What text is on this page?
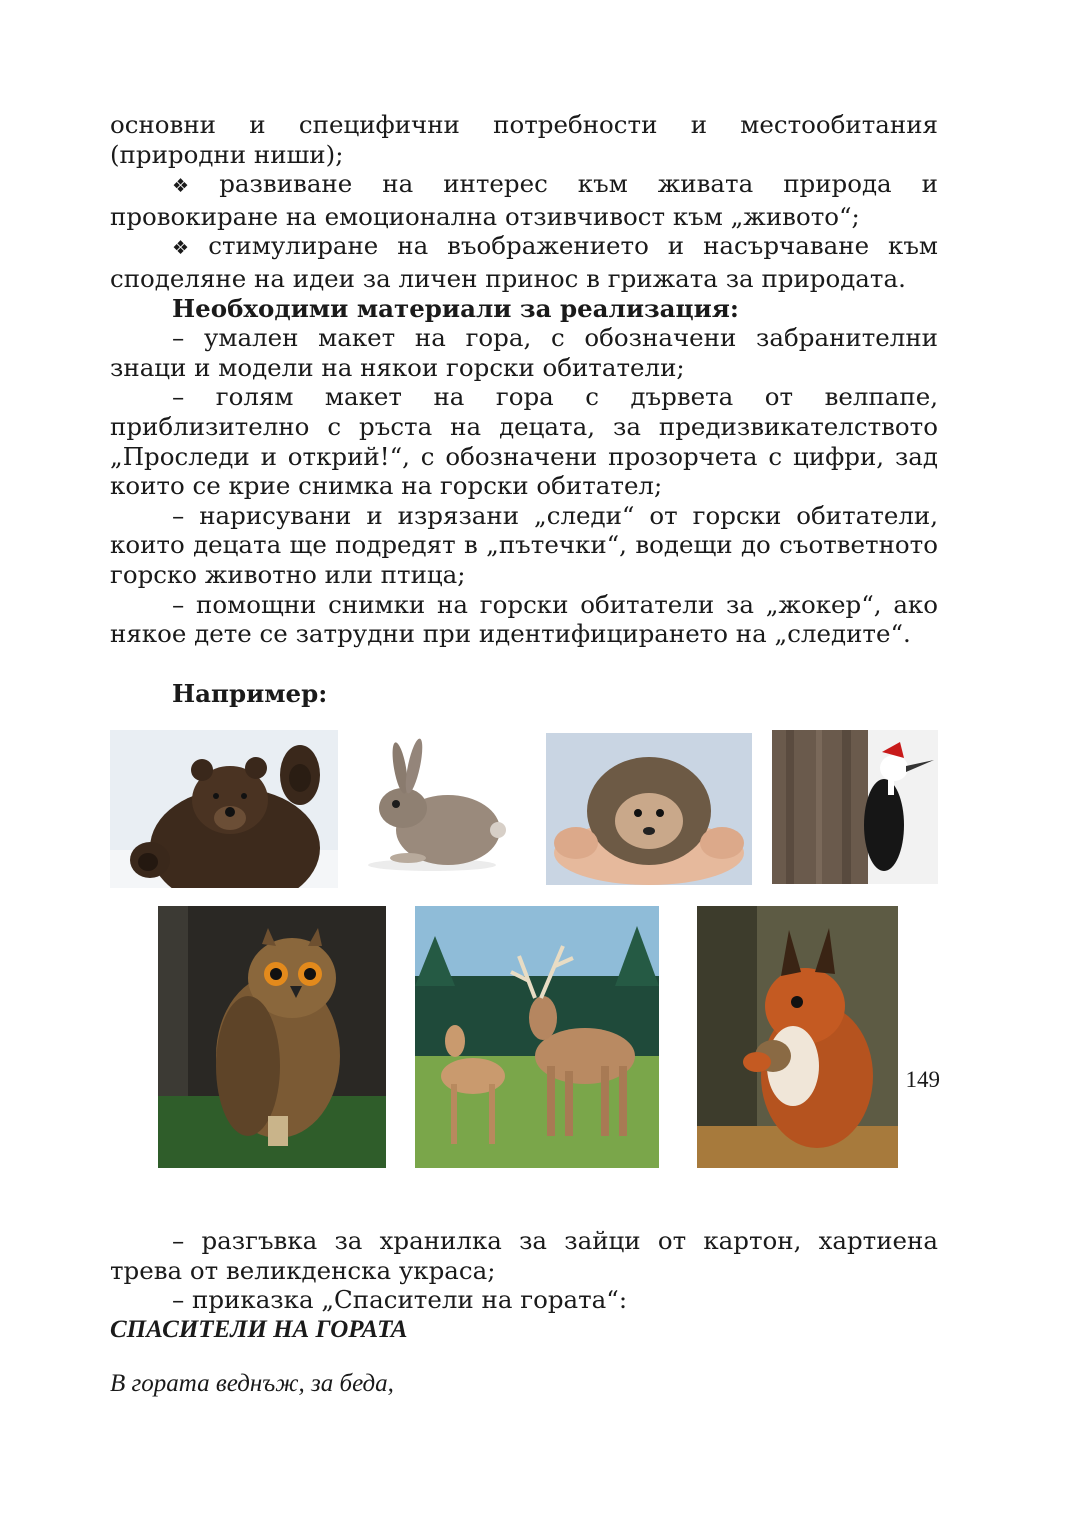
основни и специфични потребности и местообитания (природни ниши);

❖ развиване на интерес към живата природа и провокиране на емоционална отзивчивост към „живото“;

❖ стимулиране на въображението и насърчаване към споделяне на идеи за личен принос в грижата за природата.

Необходими материали за реализация:

– умален макет на гора, с обозначени забранителни знаци и модели на някои горски обитатели;

– голям макет на гора с дървета от велпапе, приблизително с ръста на децата, за предизвикателството „Проследи и открий!“, с обозначени прозорчета с цифри, зад които се крие снимка на горски обитател;

– нарисувани и изрязани „следи“ от горски обитатели, които децата ще подредят в „пътечки“, водещи до съответното горско животно или птица;

– помощни снимки на горски обитатели за „жокер“, ако някое дете се затрудни при идентифицирането на „следите“.

Например:

– разгъвка за хранилка за зайци от картон, хартиена трева от великденска украса;

– приказка „Спасители на гората“:

СПАСИТЕЛИ НА ГОРАТА

В гората веднъж, за беда,

149
